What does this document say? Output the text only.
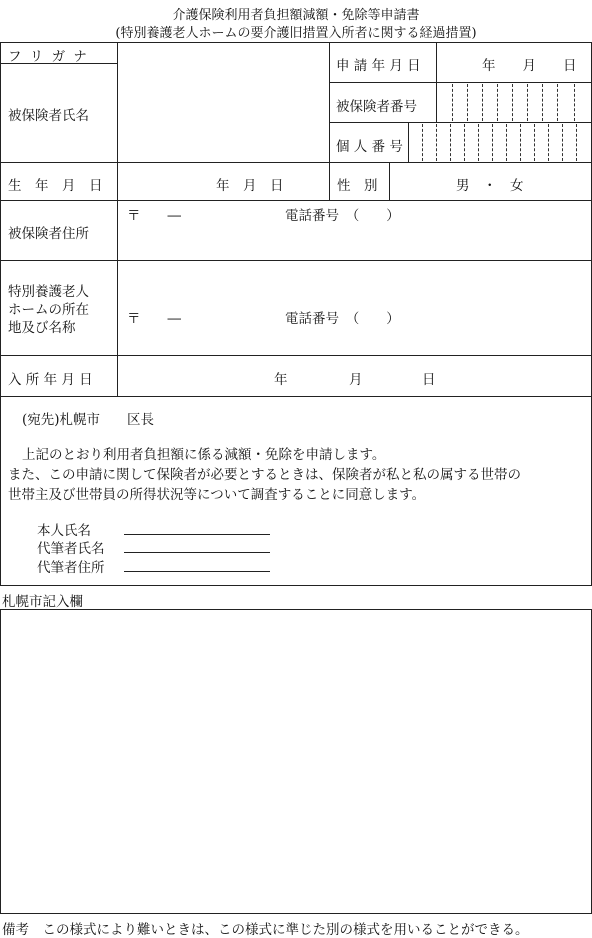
介護保険利用者負担額減額・免除等申請書
(特別養護老人ホームの要介護旧措置入所者に関する経過措置)
フ リ ガ ナ
被保険者氏名
申 請 年 月 日	年　　月　　日
被保険者番号
個 人 番 号
生　年　月　日	年　月　日	性　別	男　・　女
被保険者住所
〒　　―	電話番号　（　　）
特別養護老人
ホームの所在
地及び名称
〒　　―	電話番号　（　　）
入 所 年 月 日	年	月	日
(宛先)札幌市　　区長
上記のとおり利用者負担額に係る減額・免除を申請します。
また、この申請に関して保険者が必要とするときは、保険者が私と私の属する世帯の
世帯主及び世帯員の所得状況等について調査することに同意します。
本人氏名
代筆者氏名
代筆者住所
札幌市記入欄
備考　この様式により難いときは、この様式に準じた別の様式を用いることができる。
